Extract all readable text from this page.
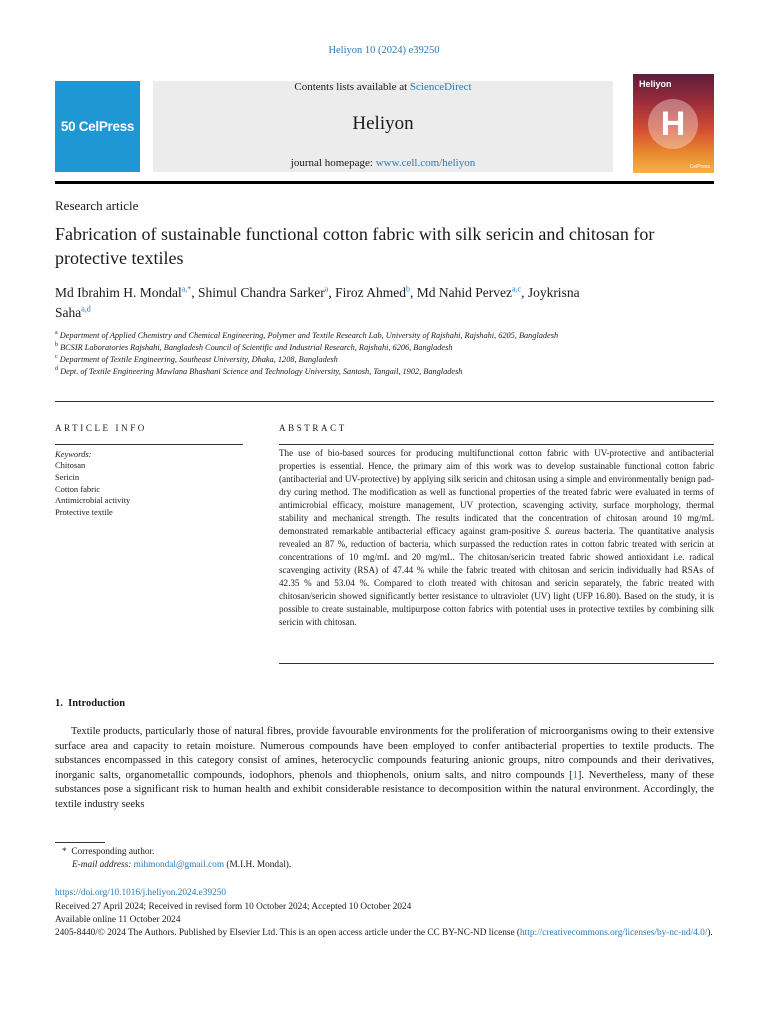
Heliyon 10 (2024) e39250
50 CelPress
Contents lists available at ScienceDirect
Heliyon
journal homepage: www.cell.com/heliyon
Heliyon
H
CelPress
Research article
Fabrication of sustainable functional cotton fabric with silk sericin and chitosan for protective textiles
Md Ibrahim H. Mondal$^{a,*}$, Shimul Chandra Sarker$^a$, Firoz Ahmed$^b$, Md Nahid Pervez$^{a,c}$, Joykrisna Saha$^{a,d}$
$^a$ Department of Applied Chemistry and Chemical Engineering, Polymer and Textile Research Lab, University of Rajshahi, Rajshahi, 6205, Bangladesh
$^b$ BCSIR Laboratories Rajshahi, Bangladesh Council of Scientific and Industrial Research, Rajshahi, 6206, Bangladesh
$^c$ Department of Textile Engineering, Southeast University, Dhaka, 1208, Bangladesh
$^d$ Dept. of Textile Engineering Mawlana Bhashani Science and Technology University, Santosh, Tangail, 1902, Bangladesh
ARTICLE INFO
Keywords:
Chitosan
Sericin
Cotton fabric
Antimicrobial activity
Protective textile
ABSTRACT
The use of bio-based sources for producing multifunctional cotton fabric with UV-protective and antibacterial properties is essential. Hence, the primary aim of this work was to develop sustainable functional cotton fabric (antibacterial and UV-protective) by applying silk sericin and chitosan using a simple and environmentally benign pad-dry curing method. The modification as well as functional properties of the treated fabric were evaluated in terms of antimicrobial efficacy, moisture management, UV protection, scavenging activity, surface morphology, thermal stability and mechanical strength. The results indicated that the concentration of chitosan around 10 mg/mL demonstrated remarkable antibacterial efficacy against gram-positive S. aureus bacteria. The quantitative analysis revealed an 87 %, reduction of bacteria, which surpassed the reduction rates in cotton fabric treated with sericin at concentrations of 10 mg/mL and 20 mg/mL. The chitosan/sericin treated fabric showed antioxidant i.e. radical scavenging activity (RSA) of 47.44 % while the fabric treated with chitosan and sericin individually had RSAs of 42.35 % and 53.04 %. Compared to cloth treated with chitosan and sericin separately, the fabric treated with chitosan/sericin showed significantly better resistance to ultraviolet (UV) light (UFP 16.80). Based on the study, it is possible to create sustainable, multipurpose cotton fabrics with potential uses in protective textiles by combining silk sericin with chitosan.
1. Introduction
Textile products, particularly those of natural fibres, provide favourable environments for the proliferation of microorganisms owing to their extensive surface area and capacity to retain moisture. Numerous compounds have been employed to confer antibacterial properties to textile products. The substances encompassed in this category consist of amines, heterocyclic compounds featuring anionic groups, nitro compounds and their derivatives, inorganic salts, organometallic compounds, iodophors, phenols and thiophenols, onium salts, and nitro compounds [1]. Nevertheless, many of these substances pose a significant risk to human health and exhibit considerable resistance to decomposition within the natural environment. Accordingly, the textile industry seeks
* Corresponding author.
E-mail address: mihmondal@gmail.com (M.I.H. Mondal).
https://doi.org/10.1016/j.heliyon.2024.e39250
Received 27 April 2024; Received in revised form 10 October 2024; Accepted 10 October 2024
Available online 11 October 2024
2405-8440/© 2024 The Authors. Published by Elsevier Ltd. This is an open access article under the CC BY-NC-ND license (http://creativecommons.org/licenses/by-nc-nd/4.0/).
